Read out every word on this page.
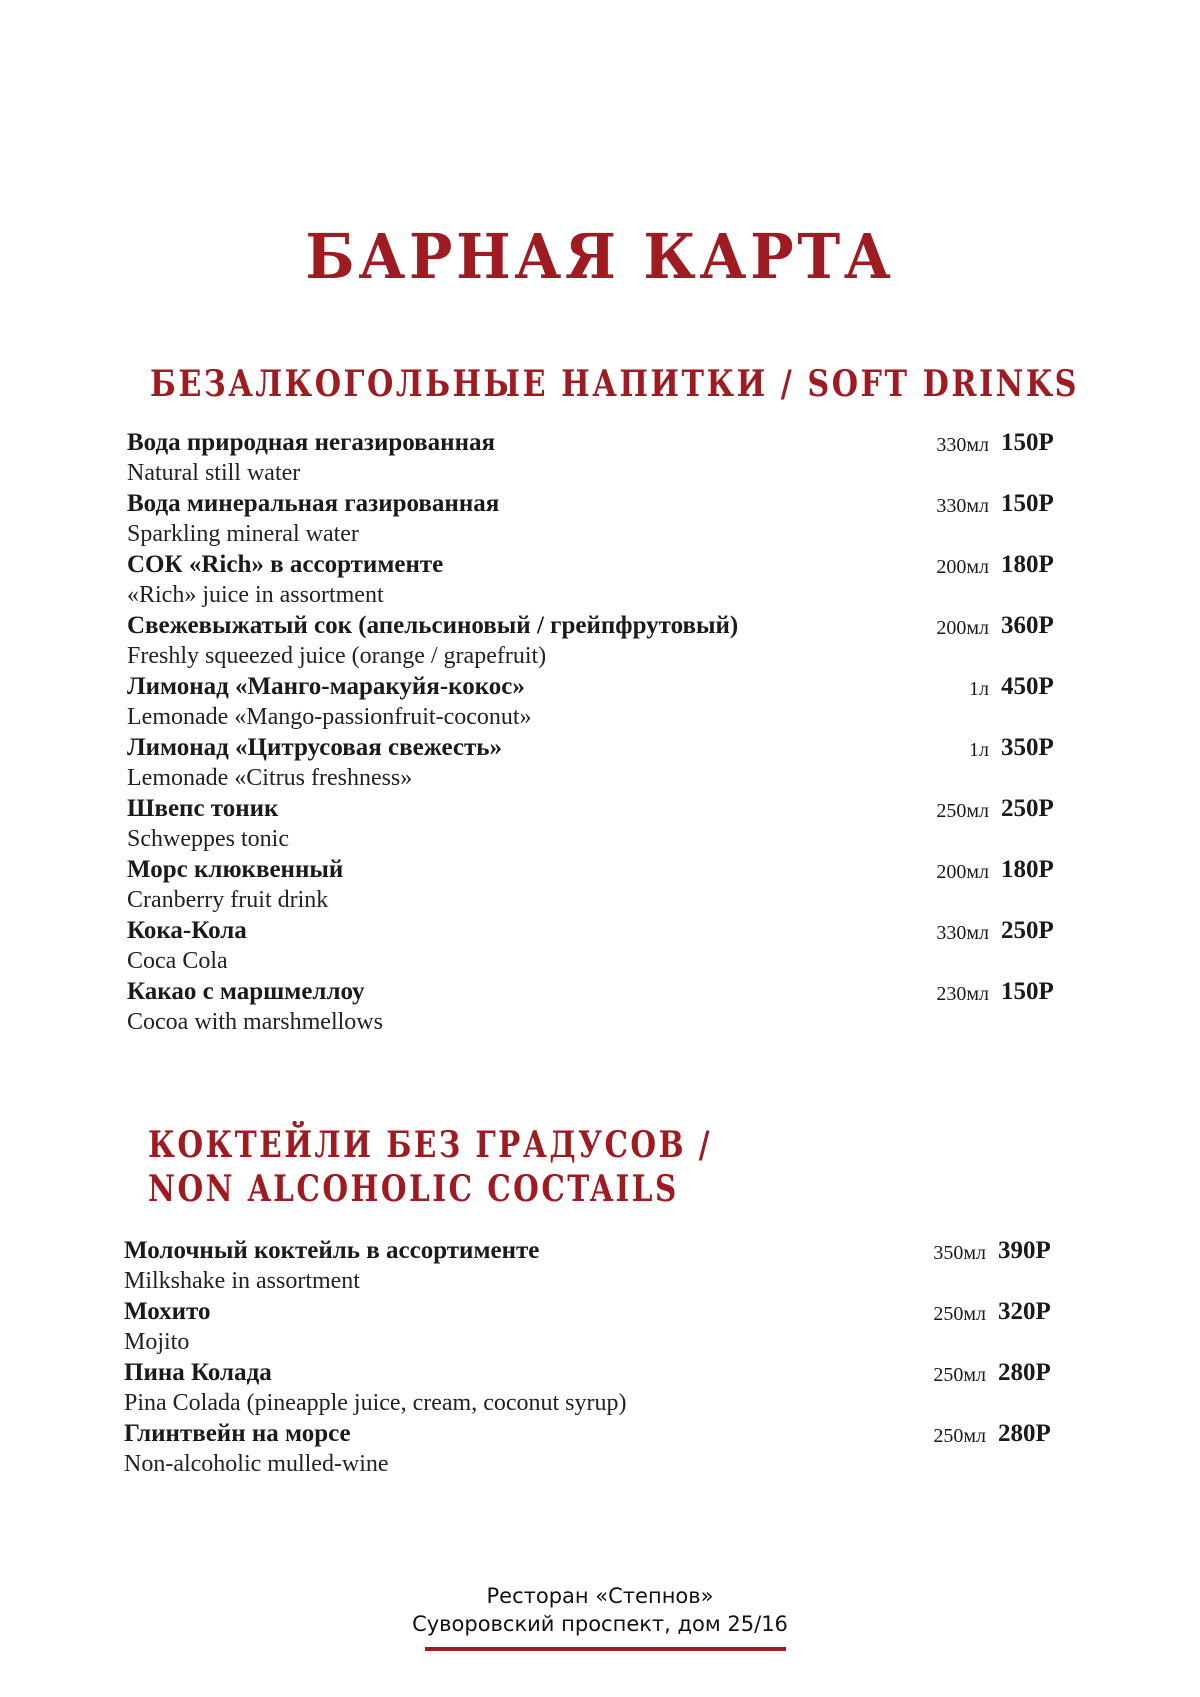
БАРНАЯ КАРТА
БЕЗАЛКОГОЛЬНЫЕ НАПИТКИ / SOFT DRINKS
Вода природная негазированная
Natural still water
330мл 150Р
Вода минеральная газированная
Sparkling mineral water
330мл 150Р
СОК «Rich» в ассортименте
«Rich» juice in assortment
200мл 180Р
Свежевыжатый сок (апельсиновый / грейпфрутовый)
Freshly squeezed juice (orange / grapefruit)
200мл 360Р
Лимонад «Манго-маракуйя-кокос»
Lemonade «Mango-passionfruit-coconut»
1л 450Р
Лимонад «Цитрусовая свежесть»
Lemonade «Citrus freshness»
1л 350Р
Швепс тоник
Schweppes tonic
250мл 250Р
Морс клюквенный
Cranberry fruit drink
200мл 180Р
Кока-Кола
Coca Cola
330мл 250Р
Какао с маршмеллоу
Cocoa with marshmellows
230мл 150Р
КОКТЕЙЛИ БЕЗ ГРАДУСОВ /
NON ALCOHOLIC COCTAILS
Молочный коктейль в ассортименте
Milkshake in assortment
350мл 390Р
Мохито
Mojito
250мл 320Р
Пина Колада
Pina Colada (pineapple juice, cream, coconut syrup)
250мл 280Р
Глинтвейн на морсе
Non-alcoholic mulled-wine
250мл 280Р
Ресторан «Степнов»
Суворовский проспект, дом 25/16
